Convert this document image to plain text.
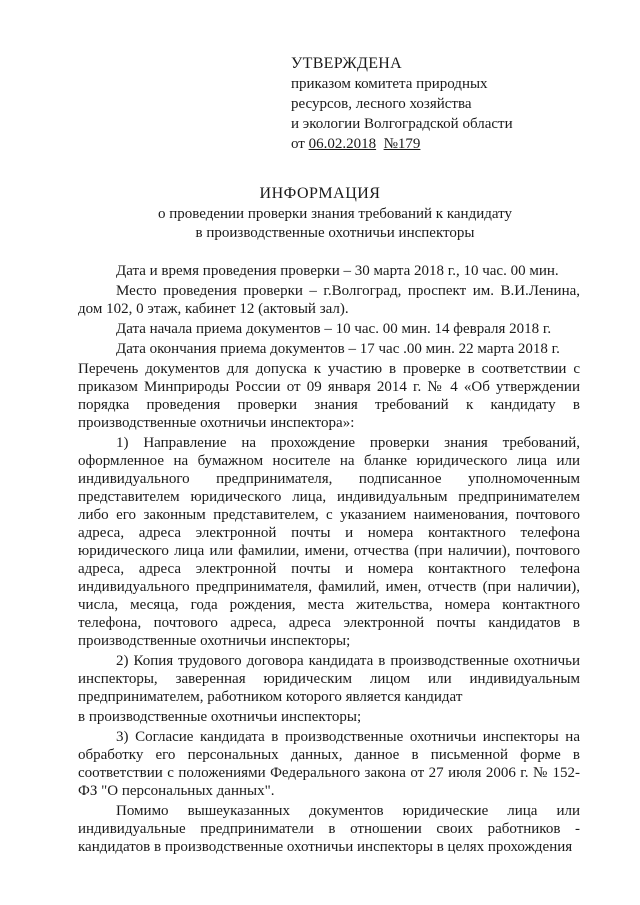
УТВЕРЖДЕНА
приказом комитета природных
ресурсов, лесного хозяйства
и экологии Волгоградской области
от 06.02.2018 №179
ИНФОРМАЦИЯ
о проведении проверки знания требований к кандидату
в производственные охотничьи инспекторы

Дата и время проведения проверки – 30 марта 2018 г., 10 час. 00 мин.

Место проведения проверки – г.Волгоград, проспект им. В.И.Ленина, дом 102, 0 этаж, кабинет 12 (актовый зал).

Дата начала приема документов – 10 час. 00 мин. 14 февраля 2018 г.

Дата окончания приема документов – 17 час .00 мин. 22 марта 2018 г.

Перечень документов для допуска к участию в проверке в соответствии с приказом Минприроды России от 09 января 2014 г. № 4 «Об утверждении порядка проведения проверки знания требований к кандидату в производственные охотничьи инспектора»:

1) Направление на прохождение проверки знания требований, оформленное на бумажном носителе на бланке юридического лица или индивидуального предпринимателя, подписанное уполномоченным представителем юридического лица, индивидуальным предпринимателем либо его законным представителем, с указанием наименования, почтового адреса, адреса электронной почты и номера контактного телефона юридического лица или фамилии, имени, отчества (при наличии), почтового адреса, адреса электронной почты и номера контактного телефона индивидуального предпринимателя, фамилий, имен, отчеств (при наличии), числа, месяца, года рождения, места жительства, номера контактного телефона, почтового адреса, адреса электронной почты кандидатов в производственные охотничьи инспекторы;

2) Копия трудового договора кандидата в производственные охотничьи инспекторы, заверенная юридическим лицом или индивидуальным предпринимателем, работником которого является кандидат

в производственные охотничьи инспекторы;

3) Согласие кандидата в производственные охотничьи инспекторы на обработку его персональных данных, данное в письменной форме в соответствии с положениями Федерального закона от 27 июля 2006 г. № 152-ФЗ "О персональных данных".

Помимо вышеуказанных документов юридические лица или индивидуальные предприниматели в отношении своих работников - кандидатов в производственные охотничьи инспекторы в целях прохождения
